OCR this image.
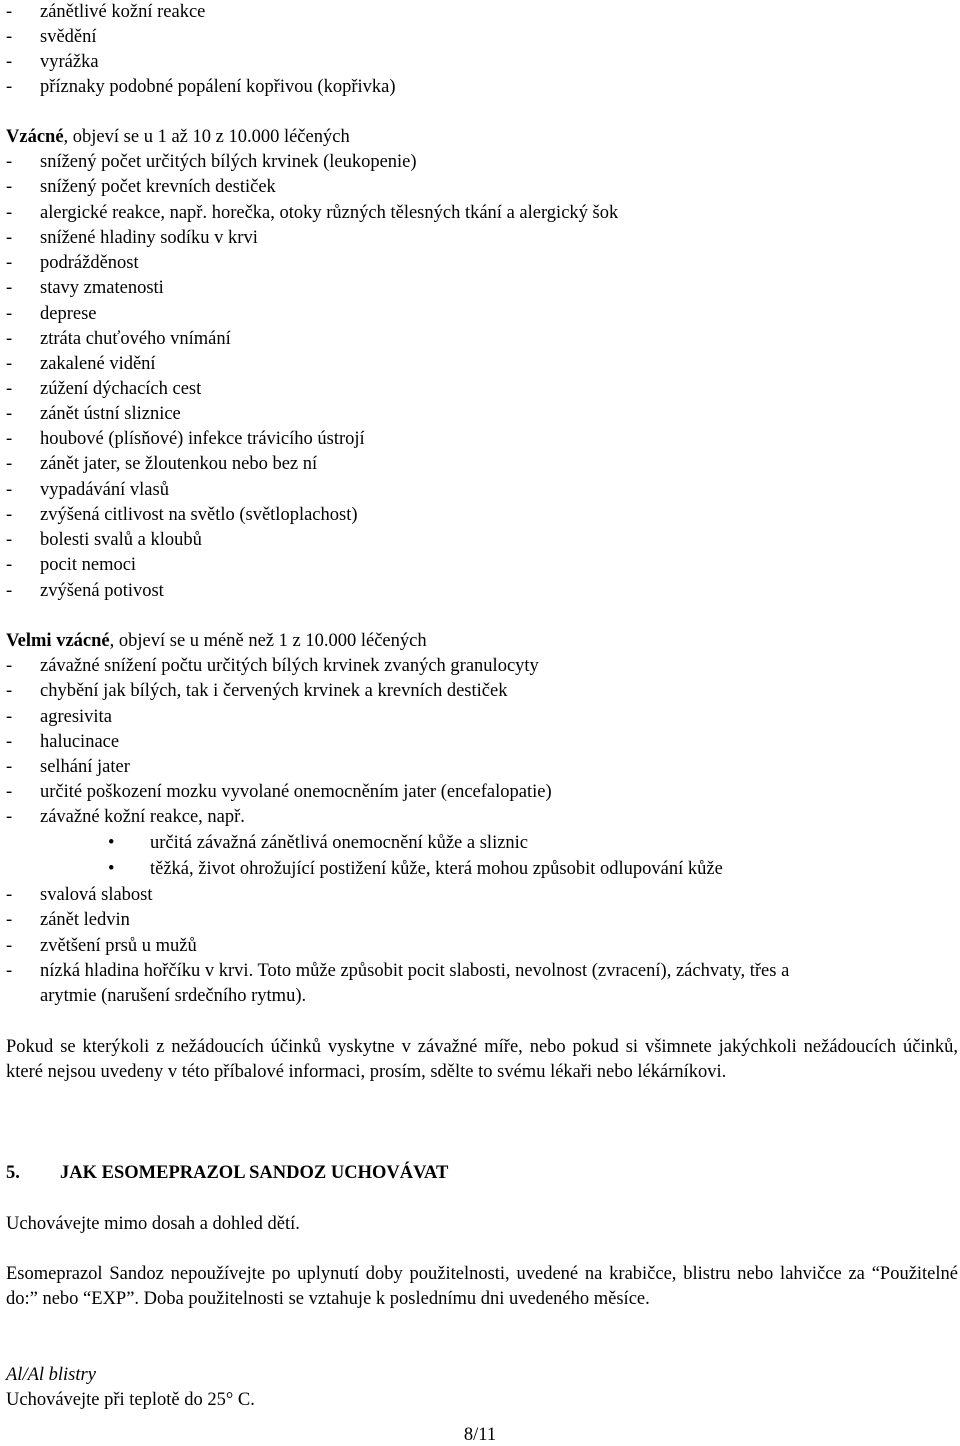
-	zánětlivé kožní reakce
-	svědění
-	vyrážka
-	příznaky podobné popálení kopřivou (kopřivka)
Vzácné, objeví se u 1 až 10 z 10.000 léčených
-	snížený počet určitých bílých krvinek (leukopenie)
-	snížený počet krevních destiček
-	alergické reakce, např. horečka, otoky různých tělesných tkání a alergický šok
-	snížené hladiny sodíku v krvi
-	podrážděnost
-	stavy zmatenosti
-	deprese
-	ztráta chuťového vnímání
-	zakalené vidění
-	zúžení dýchacích cest
-	zánět ústní sliznice
-	houbové (plísňové) infekce trávicího ústrojí
-	zánět jater, se žloutenkou nebo bez ní
-	vypadávání vlasů
-	zvýšená citlivost na světlo (světloplachost)
-	bolesti svalů a kloubů
-	pocit nemoci
-	zvýšená potivost
Velmi vzácné, objeví se u méně než 1 z 10.000 léčených
-	závažné snížení počtu určitých bílých krvinek zvaných granulocyty
-	chybění jak bílých, tak i červených krvinek a krevních destiček
-	agresivita
-	halucinace
-	selhání jater
-	určité poškození mozku vyvolané onemocněním jater (encefalopatie)
-	závažné kožní reakce, např.
• určitá závažná zánětlivá onemocnění kůže a sliznic
• těžká, život ohrožující postižení kůže, která mohou způsobit odlupování kůže
-	svalová slabost
-	zánět ledvin
-	zvětšení prsů u mužů
-	nízká hladina hořčíku v krvi. Toto může způsobit pocit slabosti, nevolnost (zvracení), záchvaty, třes a
arytmie (narušení srdečního rytmu).
Pokud se kterýkoli z nežádoucích účinků vyskytne v závažné míře, nebo pokud si všimnete jakýchkoli nežádoucích účinků, které nejsou uvedeny v této příbalové informaci, prosím, sdělte to svému lékaři nebo lékárníkovi.
5. JAK ESOMEPRAZOL SANDOZ UCHOVÁVAT
Uchovávejte mimo dosah a dohled dětí.
Esomeprazol Sandoz nepoužívejte po uplynutí doby použitelnosti, uvedené na krabičce, blistru nebo lahvičce za “Použitelné do:” nebo “EXP”. Doba použitelnosti se vztahuje k poslednímu dni uvedeného měsíce.
Al/Al blistry
Uchovávejte při teplotě do 25° C.
8/11
